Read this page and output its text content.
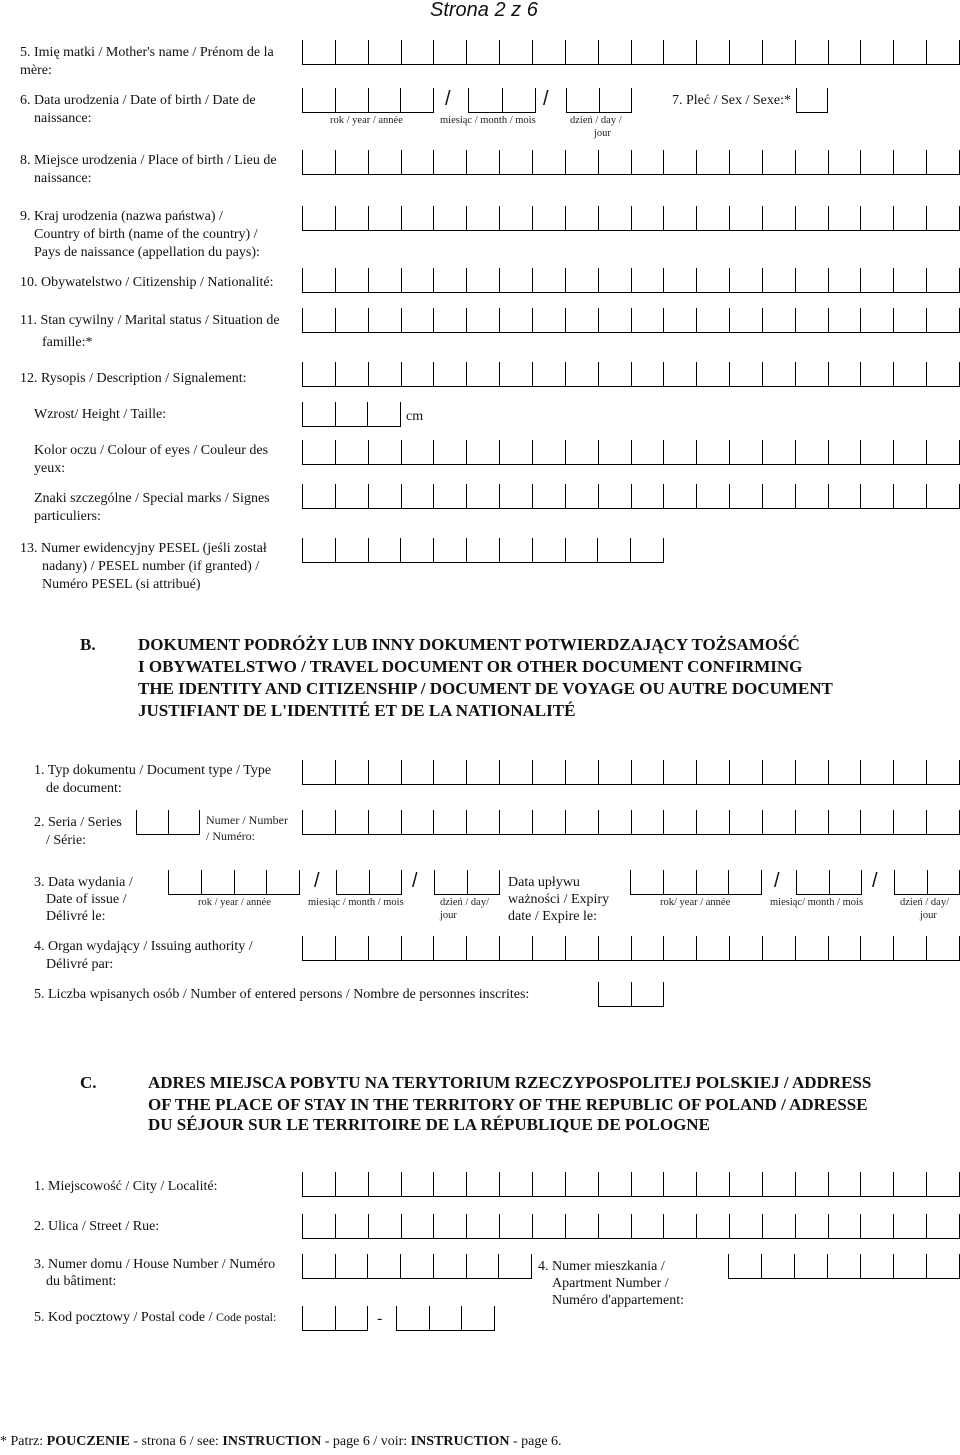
Strona 2 z 6
5. Imię matki / Mother's name / Prénom de la mère:
6. Data urodzenia / Date of birth / Date de
naissance:
/	/
rok / year / année	miesiąc / month / mois	dzień / day /
jour
7. Pleć / Sex / Sexe:*
8. Miejsce urodzenia / Place of birth / Lieu de
naissance:
9. Kraj urodzenia (nazwa państwa) /
Country of birth (name of the country) /
Pays de naissance (appellation du pays):
10. Obywatelstwo / Citizenship / Nationalité:
11. Stan cywilny / Marital status / Situation de
famille:*
12. Rysopis / Description / Signalement:
Wzrost/ Height / Taille:	cm
Kolor oczu / Colour of eyes / Couleur des
yeux:
Znaki szczególne / Special marks / Signes
particuliers:
13. Numer ewidencyjny PESEL (jeśli został
nadany) / PESEL number (if granted) /
Numéro PESEL (si attribué)
B. DOKUMENT PODRÓŻY LUB INNY DOKUMENT POTWIERDZAJĄCY TOŻSAMOŚĆ
I OBYWATELSTWO / TRAVEL DOCUMENT OR OTHER DOCUMENT CONFIRMING
THE IDENTITY AND CITIZENSHIP / DOCUMENT DE VOYAGE OU AUTRE DOCUMENT
JUSTIFIANT DE L'IDENTITÉ ET DE LA NATIONALITÉ
1. Typ dokumentu / Document type / Type
de document:
2. Seria / Series
/ Série:
Numer / Number
/ Numéro:
3. Data wydania /
Date of issue /
Délivré le:
/	/
rok / year / année	miesiąc / month / mois	dzień / day/
jour
Data upływu
ważności / Expiry
date / Expire le:
/	/
rok/ year / année	miesiąc/ month / mois	dzień / day/
jour
4. Organ wydający / Issuing authority /
Délivré par:
5. Liczba wpisanych osób / Number of entered persons / Nombre de personnes inscrites:
C.	ADRES MIEJSCA POBYTU NA TERYTORIUM RZECZYPOSPOLITEJ POLSKIEJ / ADDRESS
OF THE PLACE OF STAY IN THE TERRITORY OF THE REPUBLIC OF POLAND / ADRESSE
DU SÉJOUR SUR LE TERRITOIRE DE LA RÉPUBLIQUE DE POLOGNE
1. Miejscowość / City / Localité:
2. Ulica / Street / Rue:
3. Numer domu / House Number / Numéro
du bâtiment:
4. Numer mieszkania /
Apartment Number /
Numéro d'appartement:
5. Kod pocztowy / Postal code / Code postal:	-
* Patrz: POUCZENIE - strona 6 / see: INSTRUCTION - page 6 / voir: INSTRUCTION - page 6.
